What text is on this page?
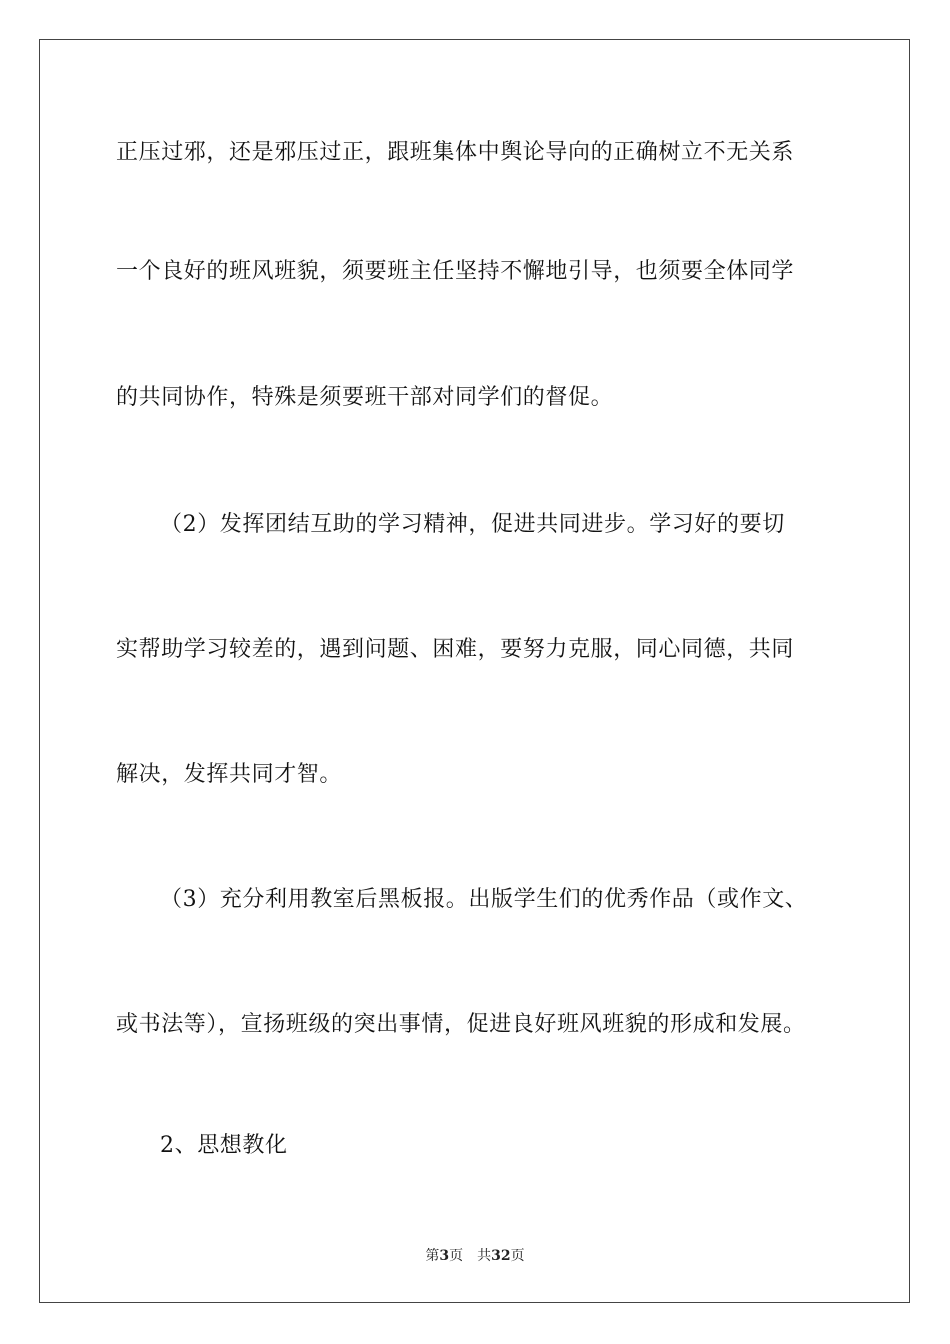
正压过邪，还是邪压过正，跟班集体中舆论导向的正确树立不无关系
一个良好的班风班貌，须要班主任坚持不懈地引导，也须要全体同学
的共同协作，特殊是须要班干部对同学们的督促。
（2）发挥团结互助的学习精神，促进共同进步。学习好的要切
实帮助学习较差的，遇到问题、困难，要努力克服，同心同德，共同
解决，发挥共同才智。
（3）充分利用教室后黑板报。出版学生们的优秀作品（或作文、
或书法等），宣扬班级的突出事情，促进良好班风班貌的形成和发展。
2、思想教化
第3页 共32页
